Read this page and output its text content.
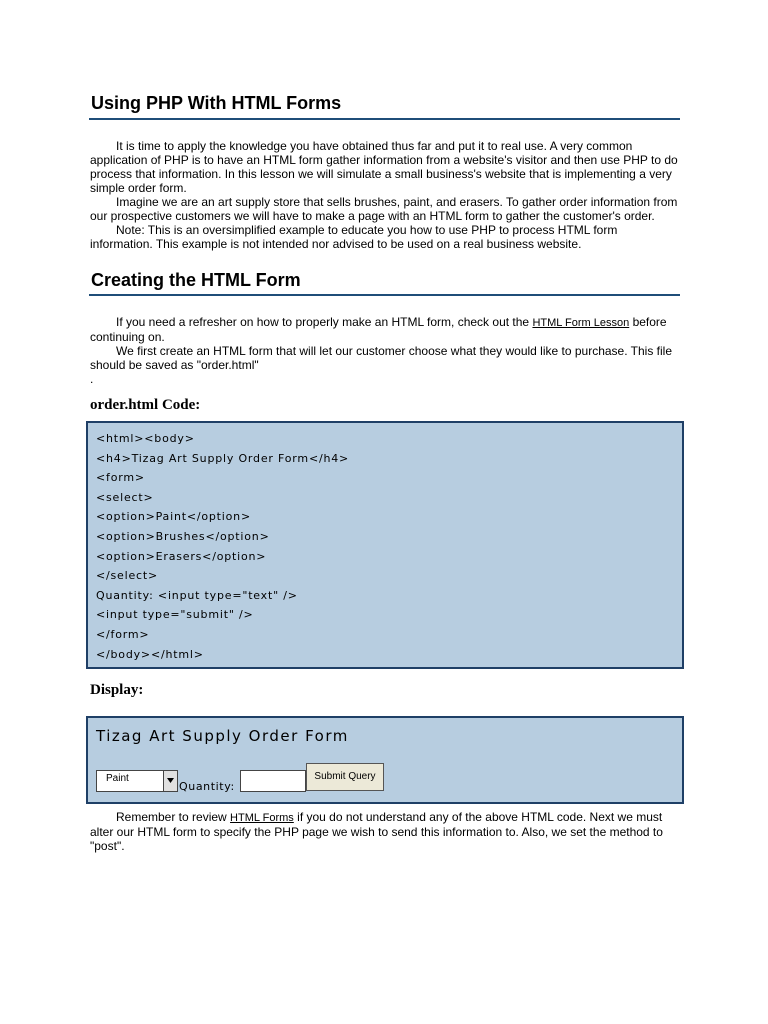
Using PHP With HTML Forms

It is time to apply the knowledge you have obtained thus far and put it to real use. A very common application of PHP is to have an HTML form gather information from a website's visitor and then use PHP to do process that information. In this lesson we will simulate a small business's website that is implementing a very simple order form.

Imagine we are an art supply store that sells brushes, paint, and erasers. To gather order information from our prospective customers we will have to make a page with an HTML form to gather the customer's order.

Note: This is an oversimplified example to educate you how to use PHP to process HTML form information. This example is not intended nor advised to be used on a real business website.

Creating the HTML Form

If you need a refresher on how to properly make an HTML form, check out the HTML Form Lesson before continuing on.

We first create an HTML form that will let our customer choose what they would like to purchase. This file should be saved as "order.html"

.

order.html Code:
<html><body>
<h4>Tizag Art Supply Order Form</h4>
<form>
<select>
<option>Paint</option>
<option>Brushes</option>
<option>Erasers</option>
</select>
Quantity: <input type="text" />
<input type="submit" />
</form>
</body></html>
Display:
Tizag Art Supply Order Form
Paint
Quantity:
Submit Query

Remember to review HTML Forms if you do not understand any of the above HTML code. Next we must alter our HTML form to specify the PHP page we wish to send this information to. Also, we set the method to "post".
